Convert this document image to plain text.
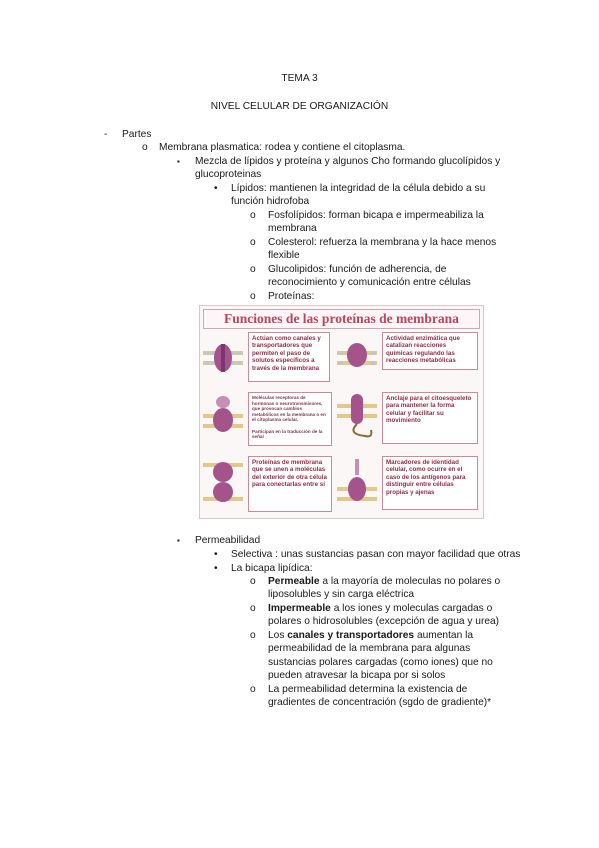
TEMA 3
NIVEL CELULAR DE ORGANIZACIÓN
- Partes
o Membrana plasmatica: rodea y contiene el citoplasma.
▪ Mezcla de lípidos y proteína y algunos Cho formando glucolípidos y
glucoproteinas
• Lípidos: mantienen la integridad de la célula debido a su
función hidrofoba
o Fosfolípidos: forman bicapa e impermeabiliza la
membrana
o Colesterol: refuerza la membrana y la hace menos
flexible
o Glucolipidos: función de adherencia, de
reconocimiento y comunicación entre células
o Proteínas:
Funciones de las proteínas de membrana
Actúan como canales y transportadores que permiten el paso de solutos específicos a través de la membrana
Actividad enzimática que catalizan reacciones químicas regulando las reacciones metabólicas
Moléculas receptoras de hormonas o neurotransmisores, que provocan cambios metabólicos en la membrana o en el citoplasma celular.

Participan en la traducción de la señal
Anclaje para el citoesqueleto para mantener la forma celular y facilitar su movimiento
Proteínas de membrana que se unen a moléculas del exterior de otra célula para conectarlas entre sí
Marcadores de identidad celular, como ocurre en el caso de los antígenos para distinguir entre células propias y ajenas
▪ Permeabilidad
• Selectiva : unas sustancias pasan con mayor facilidad que otras
• La bicapa lipídica:
o Permeable a la mayoría de moleculas no polares o
liposolubles y sin carga eléctrica
o Impermeable a los iones y moleculas cargadas o
polares o hidrosolubles (excepción de agua y urea)
o Los canales y transportadores aumentan la
permeabilidad de la membrana para algunas
sustancias polares cargadas (como iones) que no
pueden atravesar la bicapa por si solos
o La permeabilidad determina la existencia de
gradientes de concentración (sgdo de gradiente)*
